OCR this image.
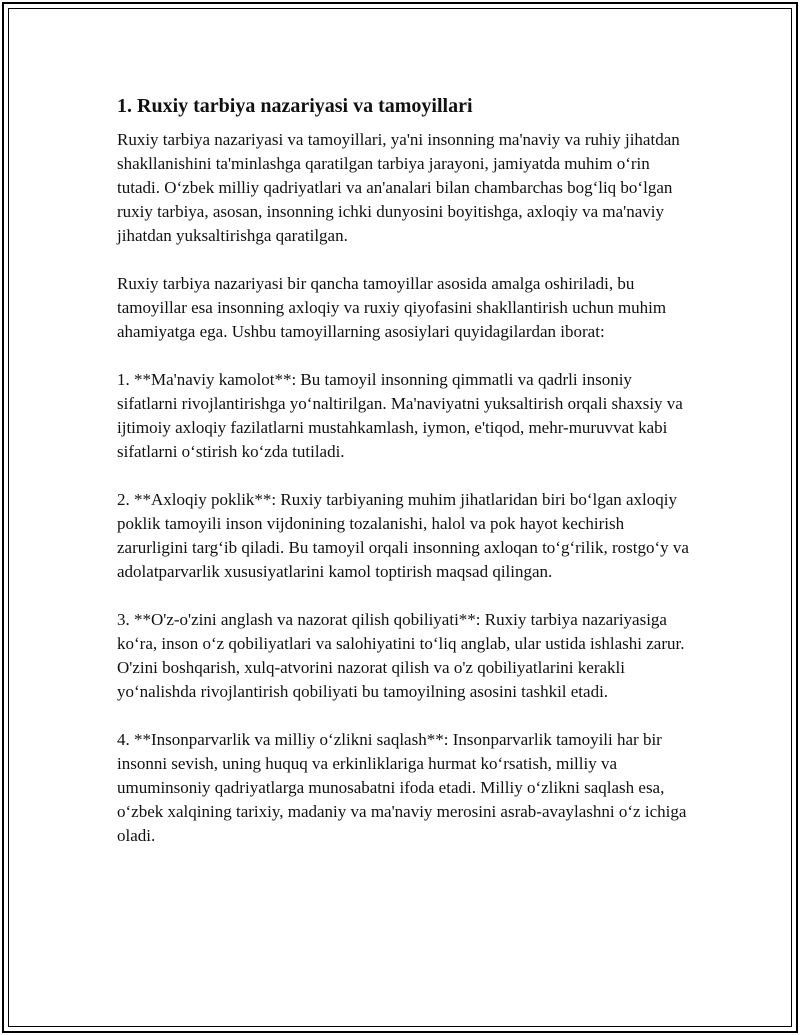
1. Ruxiy tarbiya nazariyasi va tamoyillari

Ruxiy tarbiya nazariyasi va tamoyillari, ya'ni insonning ma'naviy va ruhiy jihatdan shakllanishini ta'minlashga qaratilgan tarbiya jarayoni, jamiyatda muhim o‘rin tutadi. O‘zbek milliy qadriyatlari va an'analari bilan chambarchas bog‘liq bo‘lgan ruxiy tarbiya, asosan, insonning ichki dunyosini boyitishga, axloqiy va ma'naviy jihatdan yuksaltirishga qaratilgan.

Ruxiy tarbiya nazariyasi bir qancha tamoyillar asosida amalga oshiriladi, bu tamoyillar esa insonning axloqiy va ruxiy qiyofasini shakllantirish uchun muhim ahamiyatga ega. Ushbu tamoyillarning asosiylari quyidagilardan iborat:

1. **Ma'naviy kamolot**: Bu tamoyil insonning qimmatli va qadrli insoniy sifatlarni rivojlantirishga yo‘naltirilgan. Ma'naviyatni yuksaltirish orqali shaxsiy va ijtimoiy axloqiy fazilatlarni mustahkamlash, iymon, e'tiqod, mehr-muruvvat kabi sifatlarni o‘stirish ko‘zda tutiladi.

2. **Axloqiy poklik**: Ruxiy tarbiyaning muhim jihatlaridan biri bo‘lgan axloqiy poklik tamoyili inson vijdonining tozalanishi, halol va pok hayot kechirish zarurligini targ‘ib qiladi. Bu tamoyil orqali insonning axloqan to‘g‘rilik, rostgo‘y va adolatparvarlik xususiyatlarini kamol toptirish maqsad qilingan.

3. **O'z-o'zini anglash va nazorat qilish qobiliyati**: Ruxiy tarbiya nazariyasiga ko‘ra, inson o‘z qobiliyatlari va salohiyatini to‘liq anglab, ular ustida ishlashi zarur. O'zini boshqarish, xulq-atvorini nazorat qilish va o'z qobiliyatlarini kerakli yo‘nalishda rivojlantirish qobiliyati bu tamoyilning asosini tashkil etadi.

4. **Insonparvarlik va milliy o‘zlikni saqlash**: Insonparvarlik tamoyili har bir insonni sevish, uning huquq va erkinliklariga hurmat ko‘rsatish, milliy va umuminsoniy qadriyatlarga munosabatni ifoda etadi. Milliy o‘zlikni saqlash esa, o‘zbek xalqining tarixiy, madaniy va ma'naviy merosini asrab-avaylashni o‘z ichiga oladi.
